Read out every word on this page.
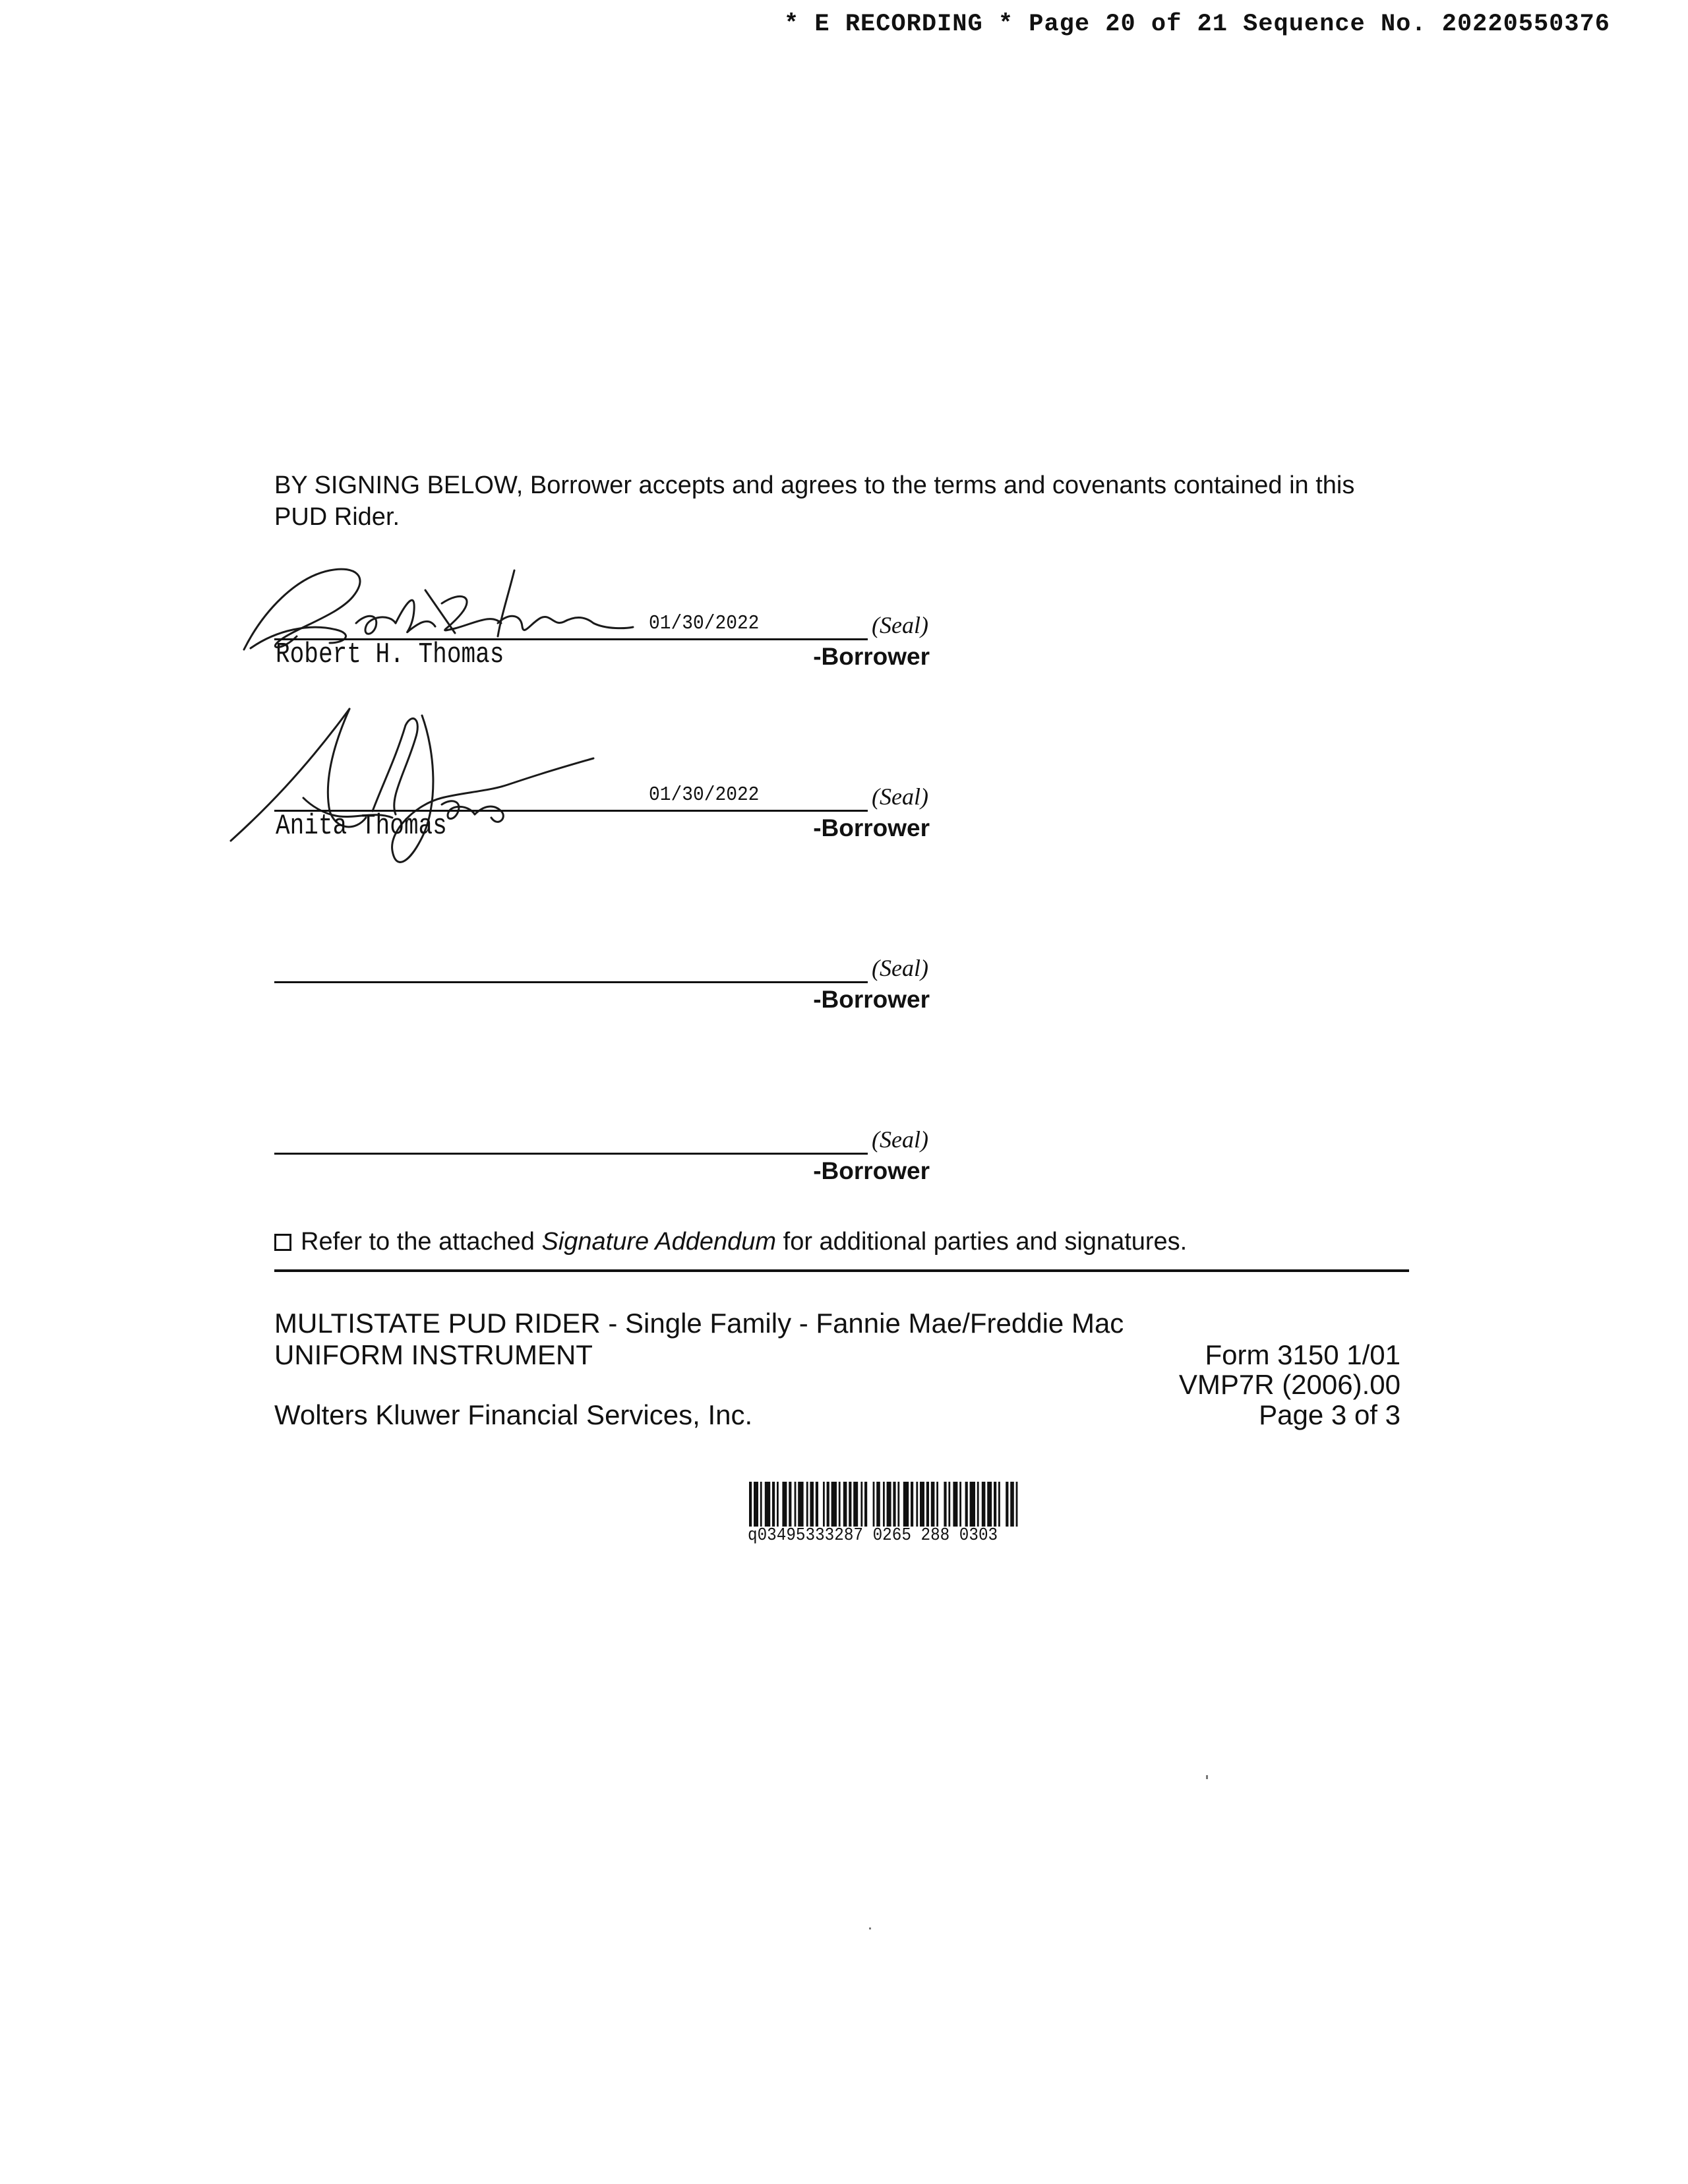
* E RECORDING * Page 20 of 21 Sequence No. 20220550376
BY SIGNING BELOW, Borrower accepts and agrees to the terms and covenants contained in this PUD Rider.
01/30/2022	(Seal)
Robert H. Thomas	-Borrower
01/30/2022	(Seal)
Anita Thomas	-Borrower
(Seal)
-Borrower
(Seal)
-Borrower
Refer to the attached Signature Addendum for additional parties and signatures.
MULTISTATE PUD RIDER - Single Family - Fannie Mae/Freddie Mac
UNIFORM INSTRUMENT	Form 3150 1/01
VMP7R (2006).00
Wolters Kluwer Financial Services, Inc.	Page 3 of 3
q03495333287 0265 288 0303
